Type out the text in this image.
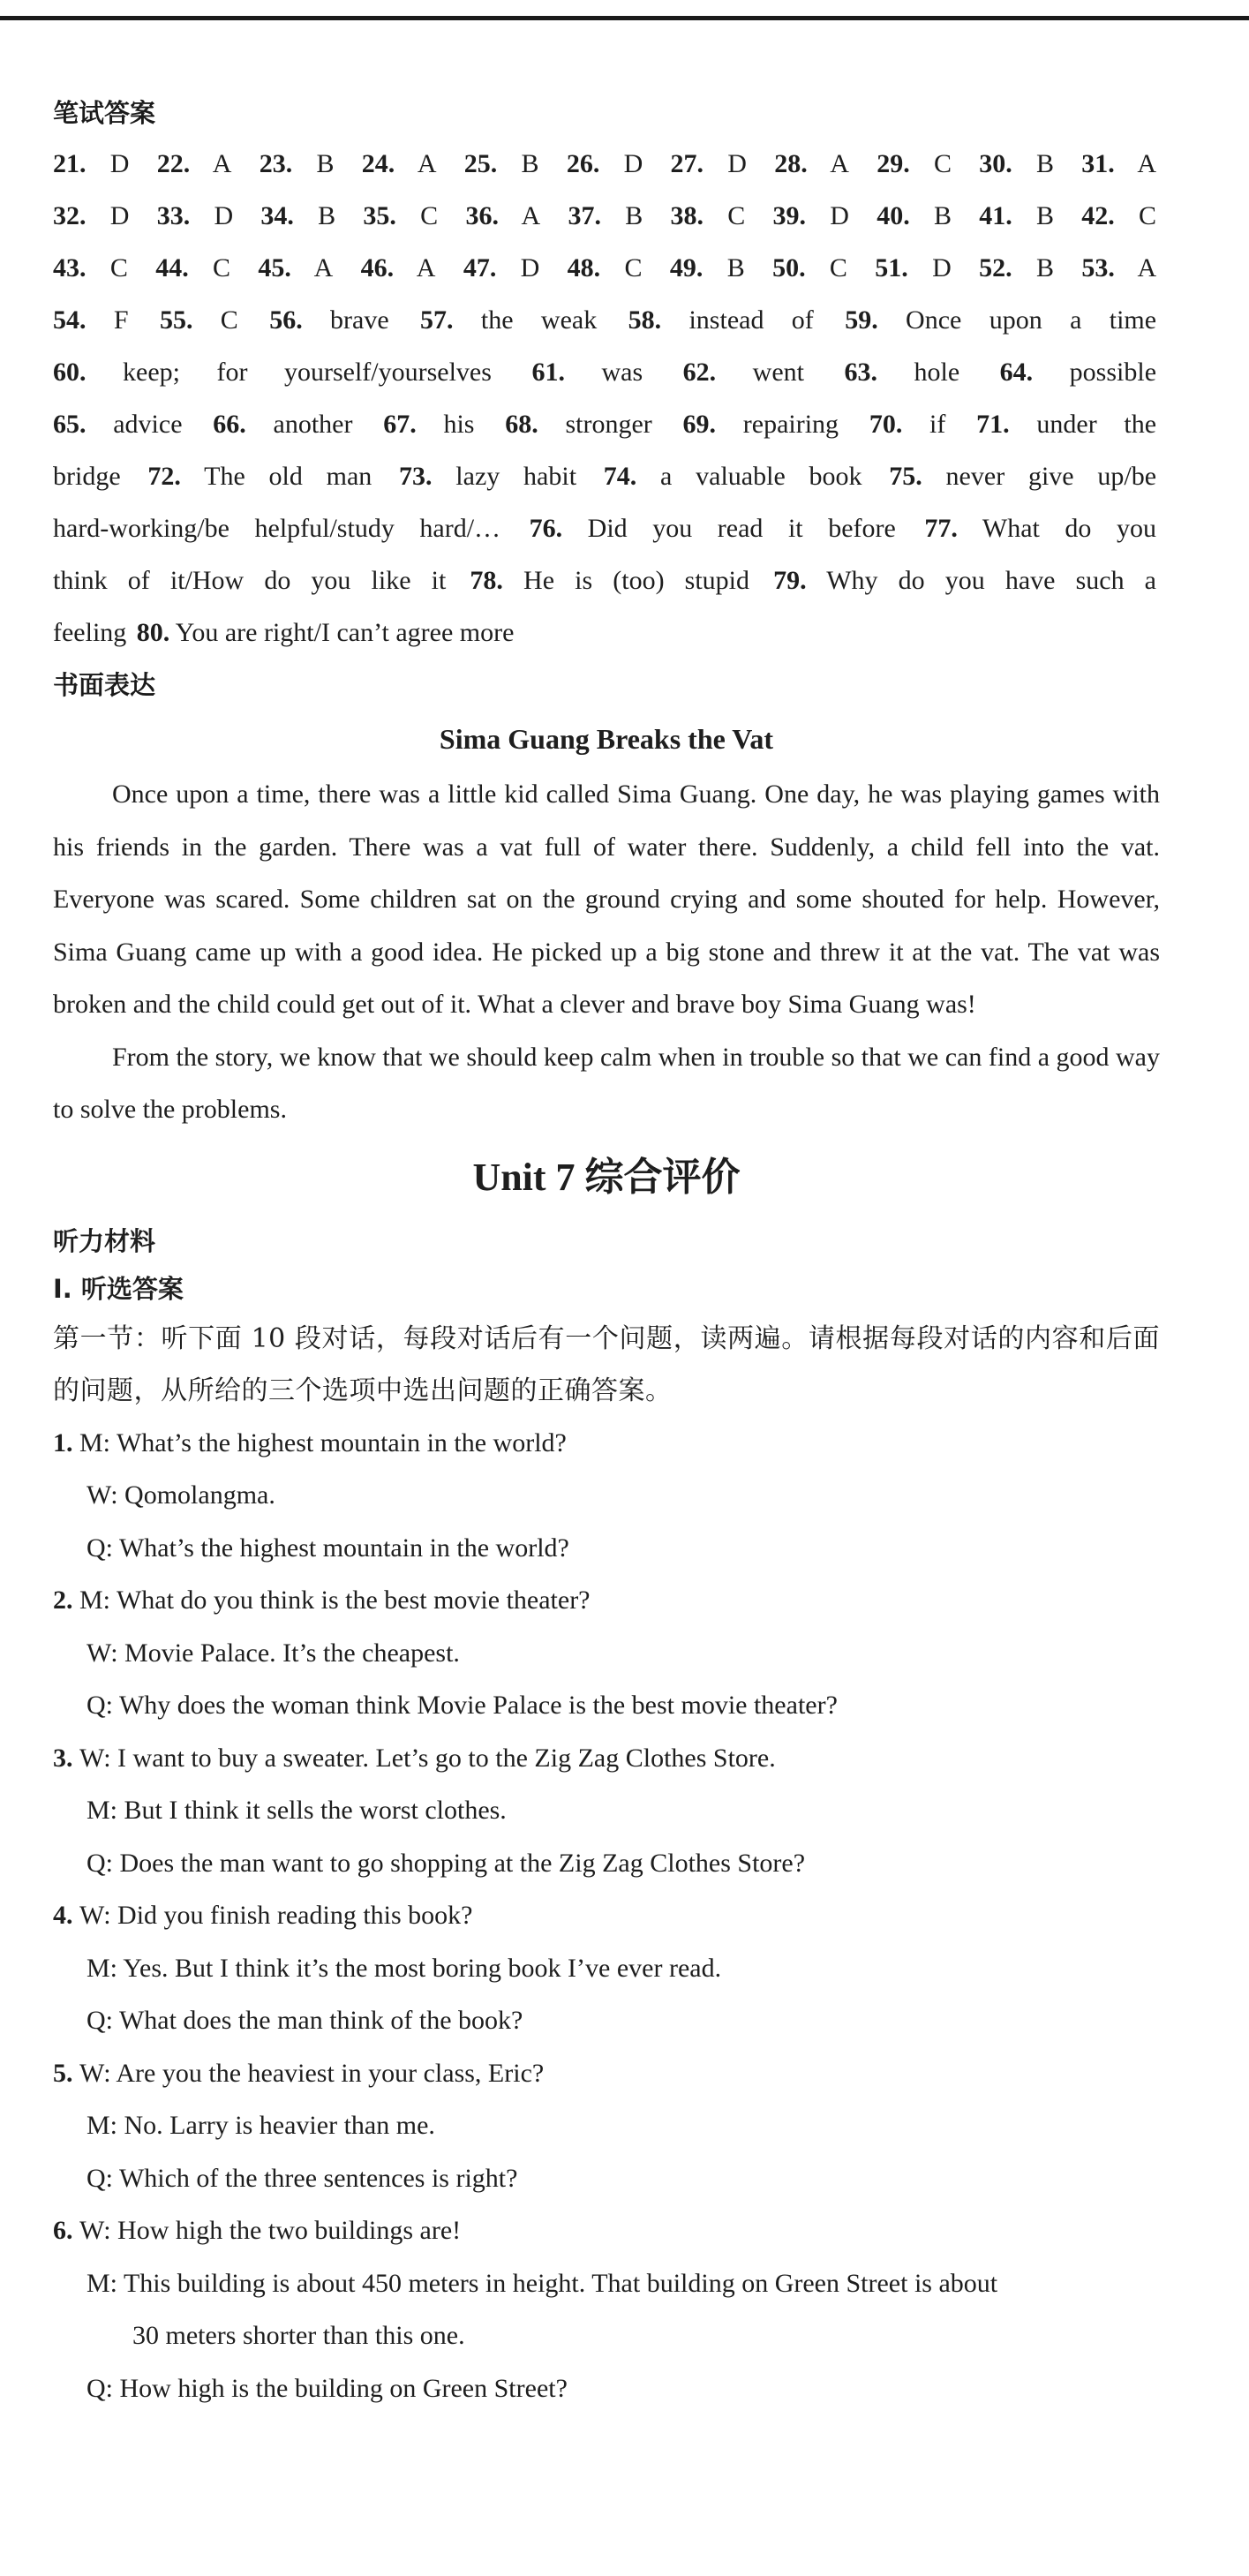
笔试答案
21. D 22. A 23. B 24. A 25. B 26. D 27. D 28. A 29. C 30. B 31. A
32. D 33. D 34. B 35. C 36. A 37. B 38. C 39. D 40. B 41. B 42. C
43. C 44. C 45. A 46. A 47. D 48. C 49. B 50. C 51. D 52. B 53. A
54. F 55. C 56. brave 57. the weak 58. instead of 59. Once upon a time
60. keep; for yourself/yourselves 61. was 62. went 63. hole 64. possible
65. advice 66. another 67. his 68. stronger 69. repairing 70. if 71. under the
bridge 72. The old man 73. lazy habit 74. a valuable book 75. never give up/be
hard-working/be helpful/study hard/… 76. Did you read it before 77. What do you
think of it/How do you like it 78. He is (too) stupid 79. Why do you have such a
feeling 80. You are right/I can’t agree more
书面表达
Sima Guang Breaks the Vat
Once upon a time, there was a little kid called Sima Guang. One day, he was playing games with his friends in the garden. There was a vat full of water there. Suddenly, a child fell into the vat. Everyone was scared. Some children sat on the ground crying and some shouted for help. However, Sima Guang came up with a good idea. He picked up a big stone and threw it at the vat. The vat was broken and the child could get out of it. What a clever and brave boy Sima Guang was!
From the story, we know that we should keep calm when in trouble so that we can find a good way to solve the problems.
Unit 7 综合评价
听力材料
Ⅰ. 听选答案
第一节：听下面 10 段对话，每段对话后有一个问题，读两遍。请根据每段对话的内容和后面的问题，从所给的三个选项中选出问题的正确答案。
1. M: What’s the highest mountain in the world?
W: Qomolangma.
Q: What’s the highest mountain in the world?
2. M: What do you think is the best movie theater?
W: Movie Palace. It’s the cheapest.
Q: Why does the woman think Movie Palace is the best movie theater?
3. W: I want to buy a sweater. Let’s go to the Zig Zag Clothes Store.
M: But I think it sells the worst clothes.
Q: Does the man want to go shopping at the Zig Zag Clothes Store?
4. W: Did you finish reading this book?
M: Yes. But I think it’s the most boring book I’ve ever read.
Q: What does the man think of the book?
5. W: Are you the heaviest in your class, Eric?
M: No. Larry is heavier than me.
Q: Which of the three sentences is right?
6. W: How high the two buildings are!
M: This building is about 450 meters in height. That building on Green Street is about
30 meters shorter than this one.
Q: How high is the building on Green Street?
